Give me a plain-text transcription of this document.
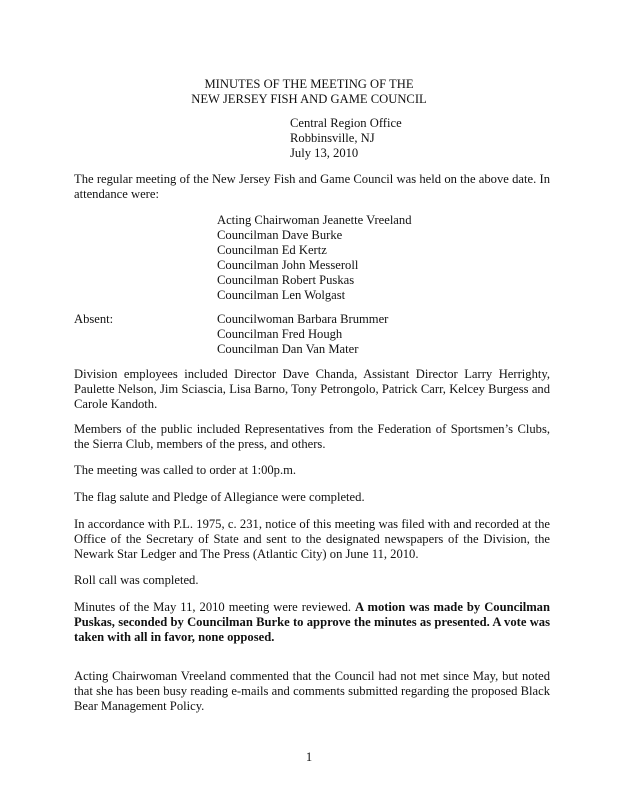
MINUTES OF THE MEETING OF THE
NEW JERSEY FISH AND GAME COUNCIL
Central Region Office
Robbinsville, NJ
July 13, 2010
The regular meeting of the New Jersey Fish and Game Council was held on the above date. In attendance were:
Acting Chairwoman Jeanette Vreeland
Councilman Dave Burke
Councilman Ed Kertz
Councilman John Messeroll
Councilman Robert Puskas
Councilman Len Wolgast
Absent:	Councilwoman Barbara Brummer
Councilman Fred Hough
Councilman Dan Van Mater
Division employees included Director Dave Chanda, Assistant Director Larry Herrighty, Paulette Nelson, Jim Sciascia, Lisa Barno, Tony Petrongolo, Patrick Carr, Kelcey Burgess and Carole Kandoth.
Members of the public included Representatives from the Federation of Sportsmen’s Clubs, the Sierra Club, members of the press, and others.
The meeting was called to order at 1:00p.m.
The flag salute and Pledge of Allegiance were completed.
In accordance with P.L. 1975, c. 231, notice of this meeting was filed with and recorded at the Office of the Secretary of State and sent to the designated newspapers of the Division, the Newark Star Ledger and The Press (Atlantic City) on June 11, 2010.
Roll call was completed.
Minutes of the May 11, 2010 meeting were reviewed. A motion was made by Councilman Puskas, seconded by Councilman Burke to approve the minutes as presented. A vote was taken with all in favor, none opposed.
Acting Chairwoman Vreeland commented that the Council had not met since May, but noted that she has been busy reading e-mails and comments submitted regarding the proposed Black Bear Management Policy.
1
